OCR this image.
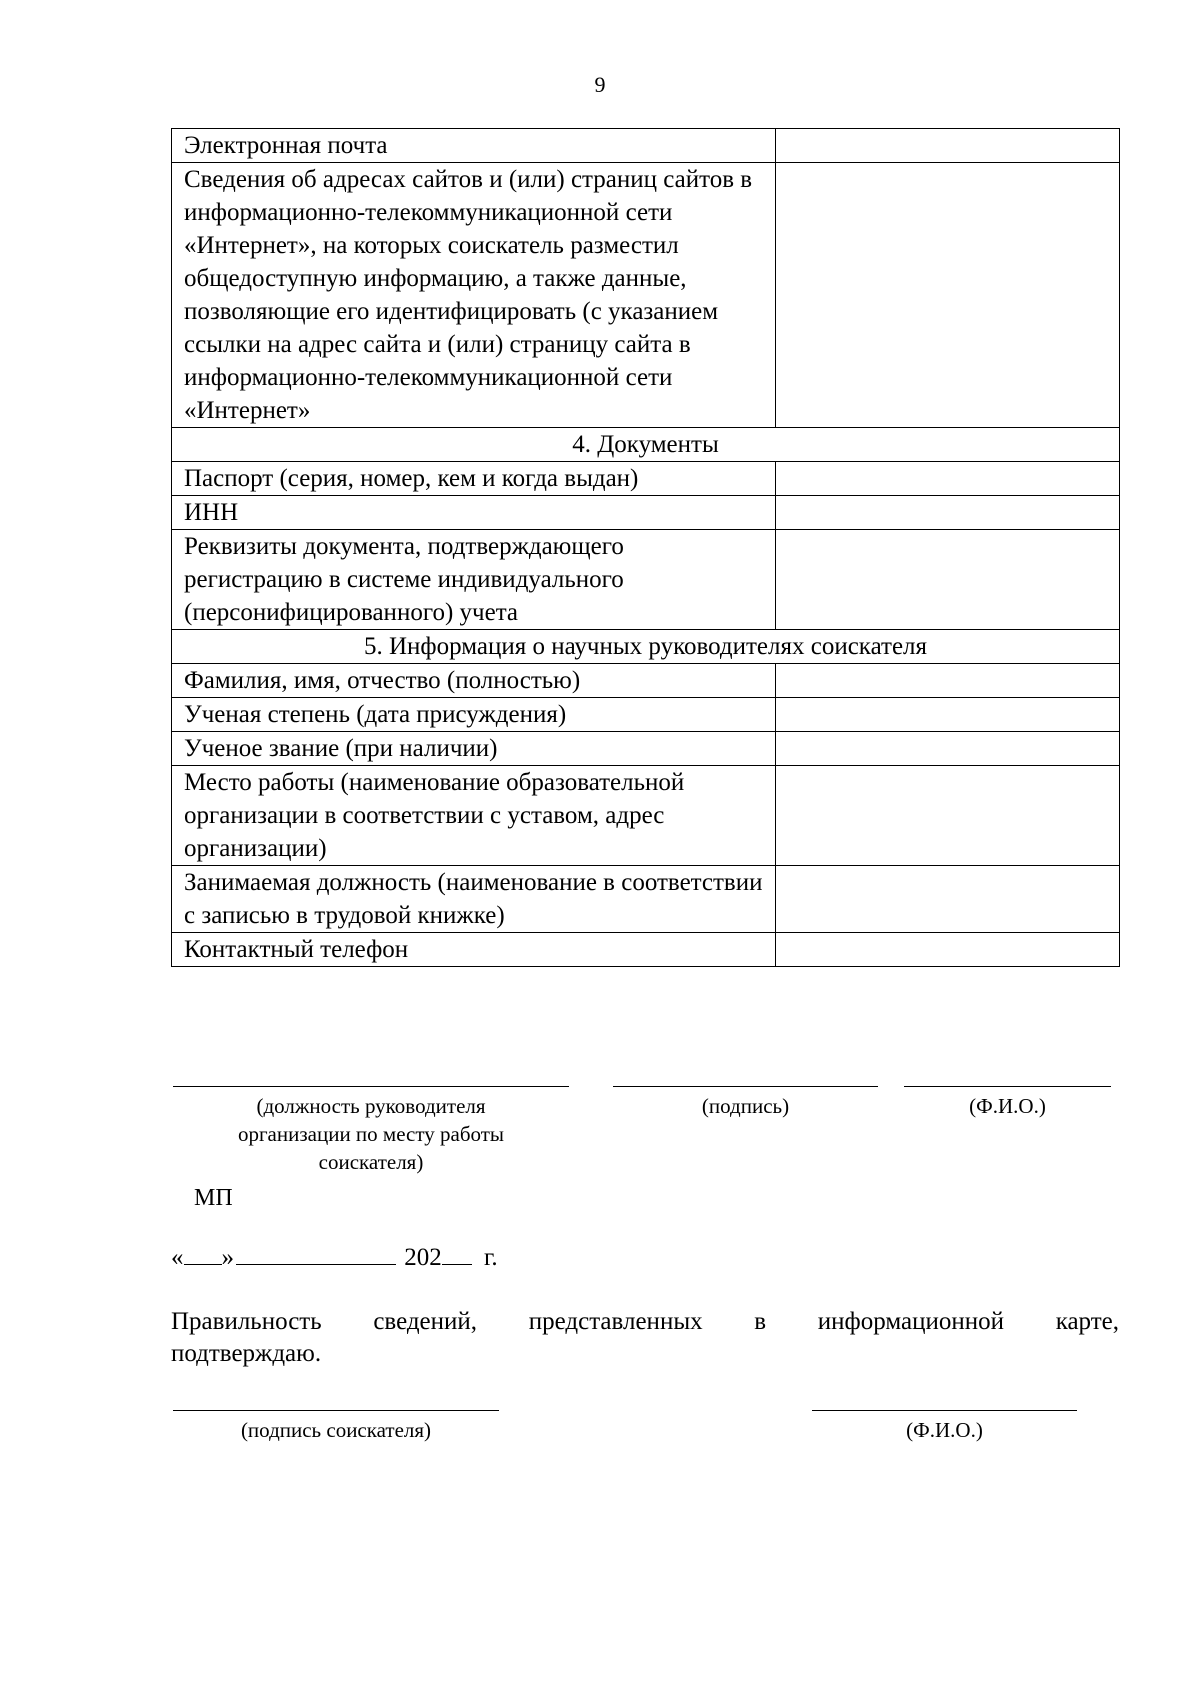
9
Электронная почта	
Сведения об адресах сайтов и (или) страниц сайтов в информационно-телекоммуникационной сети «Интернет», на которых соискатель разместил общедоступную информацию, а также данные, позволяющие его идентифицировать (с указанием ссылки на адрес сайта и (или) страницу сайта в информационно-телекоммуникационной сети «Интернет»	
4. Документы	
Паспорт (серия, номер, кем и когда выдан)	
ИНН	
Реквизиты документа, подтверждающего регистрацию в системе индивидуального (персонифицированного) учета	
5. Информация о научных руководителях соискателя	
Фамилия, имя, отчество (полностью)	
Ученая степень (дата присуждения)	
Ученое звание (при наличии)	
Место работы (наименование образовательной организации в соответствии с уставом, адрес организации)	
Занимаемая должность (наименование в соответствии с записью в трудовой книжке)	
Контактный телефон	
(должность руководителя организации по месту работы соискателя)
(подпись)	(Ф.И.О.)
МП
« »	202 г.
Правильность сведений, представленных в информационной карте,
подтверждаю.
(подпись соискателя)	(Ф.И.О.)
